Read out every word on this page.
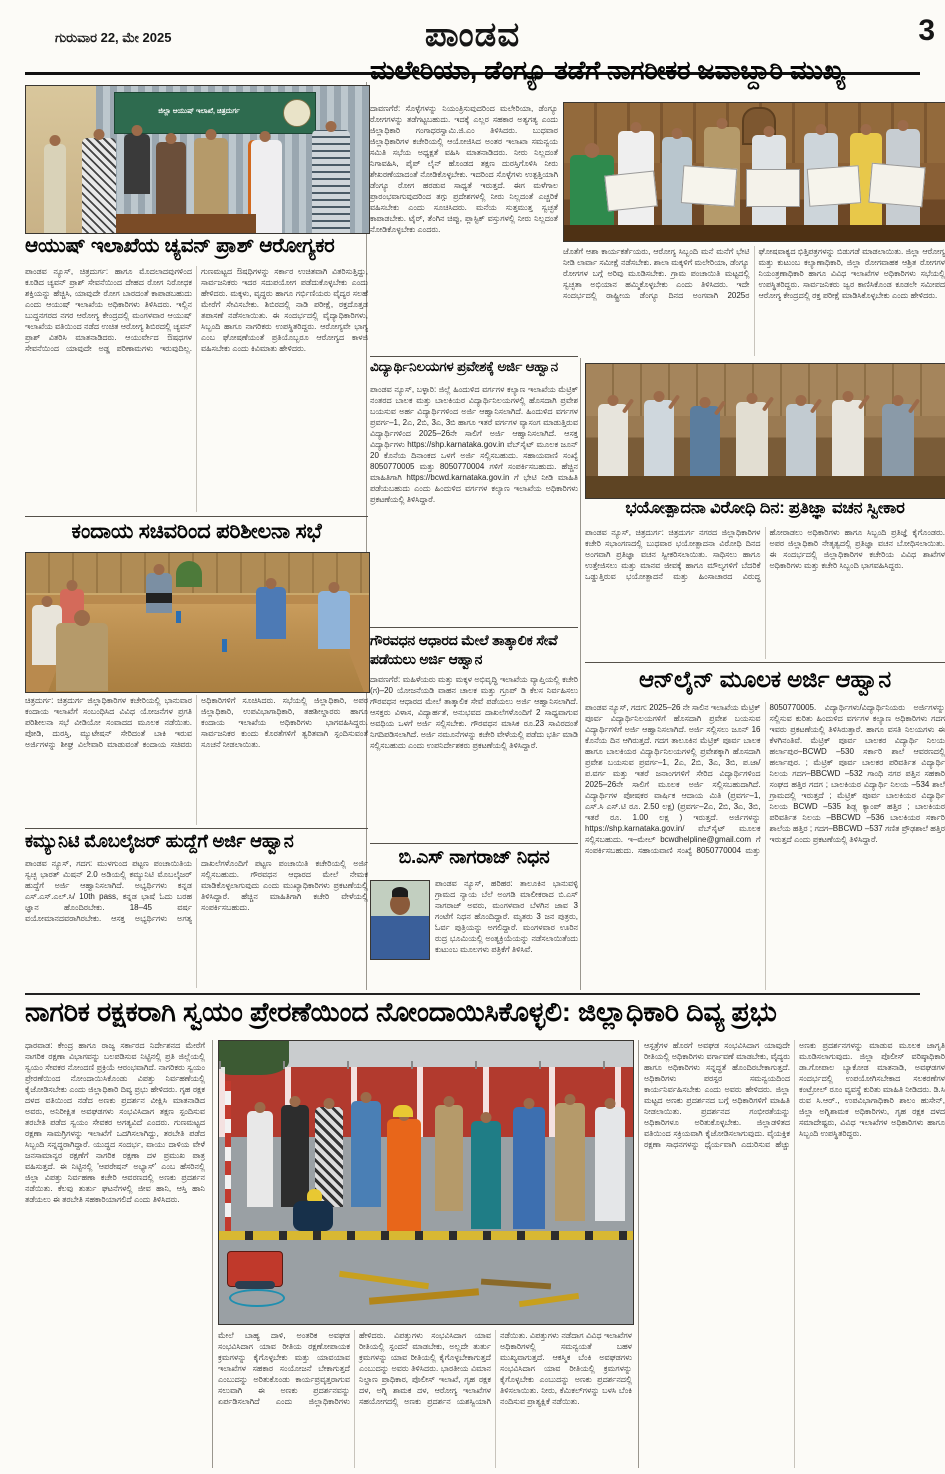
ಗುರುವಾರ 22, ಮೇ 2025	ಪಾಂಡವ	3
ಜಿಲ್ಲಾ ಆಯುಷ್ ಇಲಾಖೆ, ಚಿತ್ರದುರ್ಗ
ಆಯುಷ್ ಇಲಾಖೆಯ ಚ್ಯವನ್ ಪ್ರಾಶ್ ಆರೋಗ್ಯಕರ
ಪಾಂಡವ ನ್ಯೂಸ್, ಚಿತ್ರದುರ್ಗ: ಹಾಗೂ ಮೊದಲಾದವುಗಳಿಂದ ಕೂಡಿದ ಚ್ಯವನ್ ಪ್ರಾಶ್ ಸೇವನೆಯಿಂದ ದೇಹದ ರೋಗ ನಿರೋಧಕ ಶಕ್ತಿಯನ್ನು ಹೆಚ್ಚಿಸಿ, ಯಾವುದೇ ರೋಗ ಬಾರದಂತೆ ಕಾಪಾಡಬಹುದು ಎಂದು ಆಯುಷ್ ಇಲಾಖೆಯ ಅಧಿಕಾರಿಗಳು ತಿಳಿಸಿದರು. ಇಲ್ಲಿನ ಬುದ್ದನಗರದ ನಗರ ಆರೋಗ್ಯ ಕೇಂದ್ರದಲ್ಲಿ ಮಂಗಳವಾರ ಆಯುಷ್ ಇಲಾಖೆಯ ವತಿಯಿಂದ ನಡೆದ ಉಚಿತ ಆರೋಗ್ಯ ಶಿಬಿರದಲ್ಲಿ ಚ್ಯವನ್ ಪ್ರಾಶ್ ವಿತರಿಸಿ ಮಾತನಾಡಿದರು. ಆಯುರ್ವೇದ ಔಷಧಗಳ ಸೇವನೆಯಿಂದ ಯಾವುದೇ ಅಡ್ಡ ಪರಿಣಾಮಗಳು ಇರುವುದಿಲ್ಲ. ಗುಣಮಟ್ಟದ ಔಷಧಿಗಳನ್ನು ಸರ್ಕಾರ ಉಚಿತವಾಗಿ ವಿತರಿಸುತ್ತಿದ್ದು, ಸಾರ್ವಜನಿಕರು ಇದರ ಸದುಪಯೋಗ ಪಡೆದುಕೊಳ್ಳಬೇಕು ಎಂದು ಹೇಳಿದರು. ಮಕ್ಕಳು, ವೃದ್ಧರು ಹಾಗೂ ಗರ್ಭಿಣಿಯರು ವೈದ್ಯರ ಸಲಹೆ ಮೇರೆಗೆ ಸೇವಿಸಬೇಕು. ಶಿಬಿರದಲ್ಲಿ ನಾಡಿ ಪರೀಕ್ಷೆ, ರಕ್ತದೊತ್ತಡ ತಪಾಸಣೆ ನಡೆಸಲಾಯಿತು. ಈ ಸಂದರ್ಭದಲ್ಲಿ ವೈದ್ಯಾಧಿಕಾರಿಗಳು, ಸಿಬ್ಬಂದಿ ಹಾಗೂ ನಾಗರಿಕರು ಉಪಸ್ಥಿತರಿದ್ದರು. ಆರೋಗ್ಯವೇ ಭಾಗ್ಯ ಎಂಬ ಘೋಷಣೆಯಂತೆ ಪ್ರತಿಯೊಬ್ಬರೂ ಆರೋಗ್ಯದ ಕಾಳಜಿ ವಹಿಸಬೇಕು ಎಂದು ಕಿವಿಮಾತು ಹೇಳಿದರು.
ಕಂದಾಯ ಸಚಿವರಿಂದ ಪರಿಶೀಲನಾ ಸಭೆ
ಚಿತ್ರದುರ್ಗ: ಚಿತ್ರದುರ್ಗ ಜಿಲ್ಲಾಧಿಕಾರಿಗಳ ಕಚೇರಿಯಲ್ಲಿ ಭಾನುವಾರ ಕಂದಾಯ ಇಲಾಖೆಗೆ ಸಂಬಂಧಿಸಿದ ವಿವಿಧ ಯೋಜನೆಗಳ ಪ್ರಗತಿ ಪರಿಶೀಲನಾ ಸಭೆ ವೀಡಿಯೋ ಸಂವಾದದ ಮೂಲಕ ನಡೆಯಿತು. ಪೋಡಿ, ದುರಸ್ತಿ, ಮ್ಯುಟೇಷನ್ ಸೇರಿದಂತೆ ಬಾಕಿ ಇರುವ ಅರ್ಜಿಗಳನ್ನು ಶೀಘ್ರ ವಿಲೇವಾರಿ ಮಾಡುವಂತೆ ಕಂದಾಯ ಸಚಿವರು ಅಧಿಕಾರಿಗಳಿಗೆ ಸೂಚಿಸಿದರು. ಸಭೆಯಲ್ಲಿ ಜಿಲ್ಲಾಧಿಕಾರಿ, ಅಪರ ಜಿಲ್ಲಾಧಿಕಾರಿ, ಉಪವಿಭಾಗಾಧಿಕಾರಿ, ತಹಶೀಲ್ದಾರರು ಹಾಗೂ ಕಂದಾಯ ಇಲಾಖೆಯ ಅಧಿಕಾರಿಗಳು ಭಾಗವಹಿಸಿದ್ದರು. ಸಾರ್ವಜನಿಕರ ಕುಂದು ಕೊರತೆಗಳಿಗೆ ತ್ವರಿತವಾಗಿ ಸ್ಪಂದಿಸುವಂತೆ ಸೂಚನೆ ನೀಡಲಾಯಿತು.
ಕಮ್ಯುನಿಟಿ ಮೊಬಲೈಜರ್ ಹುದ್ದೆಗೆ ಅರ್ಜಿ ಆಹ್ವಾನ
ಪಾಂಡವ ನ್ಯೂಸ್, ಗದಗ: ಮುಳಗುಂದ ಪಟ್ಟಣ ಪಂಚಾಯಿತಿಯ ಸ್ವಚ್ಛ ಭಾರತ್ ಮಿಷನ್ 2.0 ಅಡಿಯಲ್ಲಿ ಕಮ್ಯುನಿಟಿ ಮೊಬಲೈಜರ್ ಹುದ್ದೆಗೆ ಅರ್ಜಿ ಆಹ್ವಾನಿಸಲಾಗಿದೆ. ಅಭ್ಯರ್ಥಿಗಳು ಕನ್ನಡ ಎಸ್.ಎಸ್.ಎಲ್.ಸಿ/ 10th pass, ಕನ್ನಡ ಭಾಷೆ ಓದು ಬರಹ ಜ್ಞಾನ ಹೊಂದಿರಬೇಕು. 18–45 ವರ್ಷ ವಯೋಮಾನದವರಾಗಿರಬೇಕು. ಆಸಕ್ತ ಅಭ್ಯರ್ಥಿಗಳು ಅಗತ್ಯ ದಾಖಲೆಗಳೊಂದಿಗೆ ಪಟ್ಟಣ ಪಂಚಾಯಿತಿ ಕಚೇರಿಯಲ್ಲಿ ಅರ್ಜಿ ಸಲ್ಲಿಸಬಹುದು. ಗೌರವಧನ ಆಧಾರದ ಮೇಲೆ ನೇಮಕ ಮಾಡಿಕೊಳ್ಳಲಾಗುವುದು ಎಂದು ಮುಖ್ಯಾಧಿಕಾರಿಗಳು ಪ್ರಕಟಣೆಯಲ್ಲಿ ತಿಳಿಸಿದ್ದಾರೆ. ಹೆಚ್ಚಿನ ಮಾಹಿತಿಗಾಗಿ ಕಚೇರಿ ವೇಳೆಯಲ್ಲಿ ಸಂಪರ್ಕಿಸಬಹುದು.
ಮಲೇರಿಯಾ, ಡೆಂಗ್ಯೂ ತಡೆಗೆ ನಾಗರೀಕರ ಜವಾಬ್ದಾರಿ ಮುಖ್ಯ
ದಾವಣಗೆರೆ: ಸೊಳ್ಳೆಗಳನ್ನು ನಿಯಂತ್ರಿಸುವುದರಿಂದ ಮಲೇರಿಯಾ, ಡೆಂಗ್ಯೂ ರೋಗಗಳನ್ನು ತಡೆಗಟ್ಟಬಹುದು. ಇದಕ್ಕೆ ಎಲ್ಲರ ಸಹಕಾರ ಅತ್ಯಗತ್ಯ ಎಂದು ಜಿಲ್ಲಾಧಿಕಾರಿ ಗಂಗಾಧರಸ್ವಾಮಿ.ಜಿ.ಎಂ ತಿಳಿಸಿದರು. ಬುಧವಾರ ಜಿಲ್ಲಾಧಿಕಾರಿಗಳ ಕಚೇರಿಯಲ್ಲಿ ಆಯೋಜಿಸಿದ ಅಂತರ ಇಲಾಖಾ ಸಮನ್ವಯ ಸಮಿತಿ ಸಭೆಯ ಅಧ್ಯಕ್ಷತೆ ವಹಿಸಿ ಮಾತನಾಡಿದರು. ನೀರು ನಿಲ್ಲದಂತೆ ನಿಗಾವಹಿಸಿ, ಪೈಪ್ ಲೈನ್ ಹೊಂಡದ ತಕ್ಷಣ ದುರಸ್ತಿಗೊಳಿಸಿ ನೀರು ಶೇಖರಣೆಯಾದಂತೆ ನೋಡಿಕೊಳ್ಳಬೇಕು. ಇದರಿಂದ ಸೊಳ್ಳೆಗಳು ಉತ್ಪತ್ತಿಯಾಗಿ ಡೆಂಗ್ಯೂ ರೋಗ ಹರಡುವ ಸಾಧ್ಯತೆ ಇರುತ್ತದೆ. ಈಗ ಮಳೆಗಾಲ ಪ್ರಾರಂಭವಾಗುವುದರಿಂದ ತಗ್ಗು ಪ್ರದೇಶಗಳಲ್ಲಿ ನೀರು ನಿಲ್ಲದಂತೆ ಎಚ್ಚರಿಕೆ ವಹಿಸಬೇಕು ಎಂದು ಸೂಚಿಸಿದರು. ಮನೆಯ ಸುತ್ತಮುತ್ತ ಸ್ವಚ್ಛತೆ ಕಾಪಾಡಬೇಕು. ಟೈರ್, ತೆಂಗಿನ ಚಿಪ್ಪು, ಪ್ಲಾಸ್ಟಿಕ್ ವಸ್ತುಗಳಲ್ಲಿ ನೀರು ನಿಲ್ಲದಂತೆ ನೋಡಿಕೊಳ್ಳಬೇಕು ಎಂದರು.
ಜೊತೆಗೆ ಆಶಾ ಕಾರ್ಯಕರ್ತೆಯರು, ಆರೋಗ್ಯ ಸಿಬ್ಬಂದಿ ಮನೆ ಮನೆಗೆ ಭೇಟಿ ನೀಡಿ ಲಾರ್ವಾ ಸಮೀಕ್ಷೆ ನಡೆಸಬೇಕು. ಶಾಲಾ ಮಕ್ಕಳಿಗೆ ಮಲೇರಿಯಾ, ಡೆಂಗ್ಯೂ ರೋಗಗಳ ಬಗ್ಗೆ ಅರಿವು ಮೂಡಿಸಬೇಕು. ಗ್ರಾಮ ಪಂಚಾಯಿತಿ ಮಟ್ಟದಲ್ಲಿ ಸ್ವಚ್ಛತಾ ಅಭಿಯಾನ ಹಮ್ಮಿಕೊಳ್ಳಬೇಕು ಎಂದು ತಿಳಿಸಿದರು. ಇದೇ ಸಂದರ್ಭದಲ್ಲಿ ರಾಷ್ಟ್ರೀಯ ಡೆಂಗ್ಯೂ ದಿನದ ಅಂಗವಾಗಿ 2025ರ ಘೋಷವಾಕ್ಯದ ಭಿತ್ತಿಪತ್ರಗಳನ್ನು ಬಿಡುಗಡೆ ಮಾಡಲಾಯಿತು. ಜಿಲ್ಲಾ ಆರೋಗ್ಯ ಮತ್ತು ಕುಟುಂಬ ಕಲ್ಯಾಣಾಧಿಕಾರಿ, ಜಿಲ್ಲಾ ರೋಗವಾಹಕ ಆಶ್ರಿತ ರೋಗಗಳ ನಿಯಂತ್ರಣಾಧಿಕಾರಿ ಹಾಗೂ ವಿವಿಧ ಇಲಾಖೆಗಳ ಅಧಿಕಾರಿಗಳು ಸಭೆಯಲ್ಲಿ ಉಪಸ್ಥಿತರಿದ್ದರು. ಸಾರ್ವಜನಿಕರು ಜ್ವರ ಕಾಣಿಸಿಕೊಂಡ ಕೂಡಲೇ ಸಮೀಪದ ಆರೋಗ್ಯ ಕೇಂದ್ರದಲ್ಲಿ ರಕ್ತ ಪರೀಕ್ಷೆ ಮಾಡಿಸಿಕೊಳ್ಳಬೇಕು ಎಂದು ಹೇಳಿದರು.
ವಿದ್ಯಾರ್ಥಿನಿಲಯಗಳ ಪ್ರವೇಶಕ್ಕೆ ಅರ್ಜಿ ಆಹ್ವಾನ
ಪಾಂಡವ ನ್ಯೂಸ್, ಬಳ್ಳಾರಿ: ಜಿಲ್ಲೆ ಹಿಂದುಳಿದ ವರ್ಗಗಳ ಕಲ್ಯಾಣ ಇಲಾಖೆಯ ಮೆಟ್ರಿಕ್ ನಂತರದ ಬಾಲಕ ಮತ್ತು ಬಾಲಕಿಯರ ವಿದ್ಯಾರ್ಥಿನಿಲಯಗಳಲ್ಲಿ ಹೊಸದಾಗಿ ಪ್ರವೇಶ ಬಯಸುವ ಅರ್ಹ ವಿದ್ಯಾರ್ಥಿಗಳಿಂದ ಅರ್ಜಿ ಆಹ್ವಾನಿಸಲಾಗಿದೆ. ಹಿಂದುಳಿದ ವರ್ಗಗಳ ಪ್ರವರ್ಗ–1, 2ಎ, 2ಬಿ, 3ಎ, 3ಬಿ ಹಾಗೂ ಇತರೆ ವರ್ಗಗಳ ವ್ಯಾಸಂಗ ಮಾಡುತ್ತಿರುವ ವಿದ್ಯಾರ್ಥಿಗಳಿಂದ 2025–26ನೇ ಸಾಲಿಗೆ ಅರ್ಜಿ ಆಹ್ವಾನಿಸಲಾಗಿದೆ. ಆಸಕ್ತ ವಿದ್ಯಾರ್ಥಿಗಳು https://shp.karnataka.gov.in ವೆಬ್‌ಸೈಟ್ ಮೂಲಕ ಜೂನ್ 20 ಕೊನೆಯ ದಿನಾಂಕದ ಒಳಗೆ ಅರ್ಜಿ ಸಲ್ಲಿಸಬಹುದು. ಸಹಾಯವಾಣಿ ಸಂಖ್ಯೆ 8050770005 ಮತ್ತು 8050770004 ಗಳಿಗೆ ಸಂಪರ್ಕಿಸಬಹುದು. ಹೆಚ್ಚಿನ ಮಾಹಿತಿಗಾಗಿ https://bcwd.karnataka.gov.in ಗೆ ಭೇಟಿ ನೀಡಿ ಮಾಹಿತಿ ಪಡೆಯಬಹುದು ಎಂದು ಹಿಂದುಳಿದ ವರ್ಗಗಳ ಕಲ್ಯಾಣ ಇಲಾಖೆಯ ಅಧಿಕಾರಿಗಳು ಪ್ರಕಟಣೆಯಲ್ಲಿ ತಿಳಿಸಿದ್ದಾರೆ.
ಗೌರವಧನ ಆಧಾರದ ಮೇಲೆ ತಾತ್ಕಾಲಿಕ ಸೇವೆ ಪಡೆಯಲು ಅರ್ಜಿ ಆಹ್ವಾನ
ದಾವಣಗೆರೆ: ಮಹಿಳೆಯರು ಮತ್ತು ಮಕ್ಕಳ ಅಭಿವೃದ್ಧಿ ಇಲಾಖೆಯ ವ್ಯಾಪ್ತಿಯಲ್ಲಿ ಕಚೇರಿ (ಗ)–20 ಯೋಜನೆಯಡಿ ವಾಹನ ಚಾಲಕ ಮತ್ತು ಗ್ರೂಪ್ ಡಿ ಕೆಲಸ ನಿರ್ವಹಿಸಲು ಗೌರವಧನ ಆಧಾರದ ಮೇಲೆ ತಾತ್ಕಾಲಿಕ ಸೇವೆ ಪಡೆಯಲು ಅರ್ಜಿ ಆಹ್ವಾನಿಸಲಾಗಿದೆ. ಆಸಕ್ತರು ವಿಳಾಸ, ವಿದ್ಯಾರ್ಹತೆ, ಅನುಭವದ ದಾಖಲೆಗಳೊಂದಿಗೆ 2 ಸಾಧ್ಯವಾಗುವ ಅವಧಿಯ ಒಳಗೆ ಅರ್ಜಿ ಸಲ್ಲಿಸಬೇಕು. ಗೌರವಧನ ಮಾಸಿಕ ರೂ.23 ಸಾವಿರದಂತೆ ನಿಗದಿಪಡಿಸಲಾಗಿದೆ. ಅರ್ಜಿ ನಮೂನೆಗಳನ್ನು ಕಚೇರಿ ವೇಳೆಯಲ್ಲಿ ಪಡೆದು ಭರ್ತಿ ಮಾಡಿ ಸಲ್ಲಿಸಬಹುದು ಎಂದು ಉಪನಿರ್ದೇಶಕರು ಪ್ರಕಟಣೆಯಲ್ಲಿ ತಿಳಿಸಿದ್ದಾರೆ.
ಬಿ.ಎಸ್ ನಾಗರಾಜ್ ನಿಧನ
ಪಾಂಡವ ನ್ಯೂಸ್, ಹರಿಹರ: ತಾಲೂಕಿನ ಭಾನುವಳ್ಳಿ ಗ್ರಾಮದ ನ್ಯಾಯ ಬೆಲೆ ಅಂಗಡಿ ಮಾಲೀಕರಾದ ಬಿ.ಎಸ್ ನಾಗರಾಜ್ ಅವರು, ಮಂಗಳವಾರ ಬೆಳಗಿನ ಜಾವ 3 ಗಂಟೆಗೆ ನಿಧನ ಹೊಂದಿದ್ದಾರೆ. ಮೃತರು 3 ಜನ ಪುತ್ರರು, ಓರ್ವ ಪುತ್ರಿಯನ್ನು ಅಗಲಿದ್ದಾರೆ. ಮಂಗಳವಾರ ಊರಿನ ರುದ್ರ ಭೂಮಿಯಲ್ಲಿ ಅಂತ್ಯಕ್ರಿಯೆಯನ್ನು ನಡೆಸಲಾಯಿತೆಂದು ಕುಟುಂಬ ಮೂಲಗಳು ಪತ್ರಿಕೆಗೆ ತಿಳಿಸಿವೆ.
ಭಯೋತ್ಪಾದನಾ ವಿರೋಧಿ ದಿನ: ಪ್ರತಿಜ್ಞಾ ವಚನ ಸ್ವೀಕಾರ
ಪಾಂಡವ ನ್ಯೂಸ್, ಚಿತ್ರದುರ್ಗ: ಚಿತ್ರದುರ್ಗ ನಗರದ ಜಿಲ್ಲಾಧಿಕಾರಿಗಳ ಕಚೇರಿ ಸಭಾಂಗಣದಲ್ಲಿ ಬುಧವಾರ ಭಯೋತ್ಪಾದನಾ ವಿರೋಧಿ ದಿನದ ಅಂಗವಾಗಿ ಪ್ರತಿಜ್ಞಾ ವಚನ ಸ್ವೀಕರಿಸಲಾಯಿತು. ಸಾಧಿಸಲು ಹಾಗೂ ಉತ್ತೇಜಿಸಲು ಮತ್ತು ಮಾನವ ಜೀವಕ್ಕೆ ಹಾಗೂ ಮೌಲ್ಯಗಳಿಗೆ ಬೆದರಿಕೆ ಒಡ್ಡುತ್ತಿರುವ ಭಯೋತ್ಪಾದನೆ ಮತ್ತು ಹಿಂಸಾಚಾರದ ವಿರುದ್ಧ ಹೋರಾಡಲು ಅಧಿಕಾರಿಗಳು ಹಾಗೂ ಸಿಬ್ಬಂದಿ ಪ್ರತಿಜ್ಞೆ ಕೈಗೊಂಡರು. ಅಪರ ಜಿಲ್ಲಾಧಿಕಾರಿ ನೇತೃತ್ವದಲ್ಲಿ ಪ್ರತಿಜ್ಞಾ ವಚನ ಬೋಧಿಸಲಾಯಿತು. ಈ ಸಂದರ್ಭದಲ್ಲಿ ಜಿಲ್ಲಾಧಿಕಾರಿಗಳ ಕಚೇರಿಯ ವಿವಿಧ ಶಾಖೆಗಳ ಅಧಿಕಾರಿಗಳು ಮತ್ತು ಕಚೇರಿ ಸಿಬ್ಬಂದಿ ಭಾಗವಹಿಸಿದ್ದರು.
ಆನ್‌ಲೈನ್ ಮೂಲಕ ಅರ್ಜಿ ಆಹ್ವಾನ
ಪಾಂಡವ ನ್ಯೂಸ್, ಗದಗ: 2025–26 ನೇ ಸಾಲಿನ ಇಲಾಖೆಯ ಮೆಟ್ರಿಕ್ ಪೂರ್ವ ವಿದ್ಯಾರ್ಥಿನಿಲಯಗಳಿಗೆ ಹೊಸದಾಗಿ ಪ್ರವೇಶ ಬಯಸುವ ವಿದ್ಯಾರ್ಥಿಗಳಿಗೆ ಅರ್ಜಿ ಆಹ್ವಾನಿಸಲಾಗಿದೆ. ಅರ್ಜಿ ಸಲ್ಲಿಸಲು ಜೂನ್ 16 ಕೊನೆಯ ದಿನ ಆಗಿರುತ್ತದೆ. ಗದಗ ತಾಲೂಕಿನ ಮೆಟ್ರಿಕ್ ಪೂರ್ವ ಬಾಲಕ ಹಾಗೂ ಬಾಲಕಿಯರ ವಿದ್ಯಾರ್ಥಿನಿಲಯಗಳಲ್ಲಿ ಪ್ರವೇಶಕ್ಕಾಗಿ ಹೊಸದಾಗಿ ಪ್ರವೇಶ ಬಯಸುವ ಪ್ರವರ್ಗ–1, 2ಎ, 2ಬಿ, 3ಎ, 3ಬಿ, ಪ.ಜಾ/ಪ.ವರ್ಗ ಮತ್ತು ಇತರೆ ಜನಾಂಗಗಳಿಗೆ ಸೇರಿದ ವಿದ್ಯಾರ್ಥಿಗಳಿಂದ 2025–26ನೇ ಸಾಲಿಗೆ ಮೂಲಕ ಅರ್ಜಿ ಸಲ್ಲಿಸಬಹುದಾಗಿದೆ. ವಿದ್ಯಾರ್ಥಿಗಳ ಪೋಷಕರ ವಾರ್ಷಿಕ ಆದಾಯ ಮಿತಿ (ಪ್ರವರ್ಗ–1, ಎಸ್.ಸಿ ಎಸ್.ಟಿ ರೂ. 2.50 ಲಕ್ಷ) (ಪ್ರವರ್ಗ–2ಎ, 2ಬಿ, 3ಎ, 3ಬಿ, ಇತರೆ ರೂ. 1.00 ಲಕ್ಷ ) ಇರುತ್ತದೆ. ಅರ್ಜಿಗಳನ್ನು https://shp.karnataka.gov.in/ ವೆಬ್‌ಸೈಟ್ ಮೂಲಕ ಸಲ್ಲಿಸಬಹುದು. ಇ–ಮೇಲ್ bcwdhelpline@gmail.com ಗೆ ಸಂಪರ್ಕಿಸಬಹುದು. ಸಹಾಯವಾಣಿ ಸಂಖ್ಯೆ 8050770004 ಮತ್ತು 8050770005. ವಿದ್ಯಾರ್ಥಿಗಳು/ವಿದ್ಯಾರ್ಥಿನಿಯರು ಅರ್ಜಿಗಳನ್ನು ಸಲ್ಲಿಸುವ ಕುರಿತು ಹಿಂದುಳಿದ ವರ್ಗಗಳ ಕಲ್ಯಾಣ ಅಧಿಕಾರಿಗಳು ಗದಗ ಇವರು ಪ್ರಕಟಣೆಯಲ್ಲಿ ತಿಳಿಸಿರುತ್ತಾರೆ. ಹಾಗೂ ವಸತಿ ನಿಲಯಗಳು ಈ ಕೆಳಗಿನಂತಿವೆ. ಮೆಟ್ರಿಕ್ ಪೂರ್ವ ಬಾಲಕರ ವಿದ್ಯಾರ್ಥಿ ನಿಲಯ ಹರ್ಲಾಪುರ–BCWD –530 ಸರ್ಕಾರಿ ಶಾಲೆ ಆವರಣದಲ್ಲಿ ಹರ್ಲಾಪುರ. ; ಮೆಟ್ರಿಕ್ ಪೂರ್ವ ಬಾಲಕರ ಪರಿವರ್ತಿತ ವಿದ್ಯಾರ್ಥಿ ನಿಲಯ ಗದಗ–BBCWD –532 ಗಾಂಧಿ ನಗರ ಪತ್ತಿನ ಸಹಕಾರಿ ಸಂಘದ ಹತ್ತಿರ ಗದಗ ; ಬಾಲಕಿಯರ ವಿದ್ಯಾರ್ಥಿ ನಿಲಯ –534 ಶಾಲೆ ಗ್ರಾಮದಲ್ಲಿ ಇರುತ್ತದೆ ; ಮೆಟ್ರಿಕ್ ಪೂರ್ವ ಬಾಲಕಿಯರ ವಿದ್ಯಾರ್ಥಿ ನಿಲಯ BCWD –535 ಶಿಡ್ಲ ಕ್ಯಾಂಪ್ ಹತ್ತಿರ ; ಬಾಲಕಿಯರ ಪರಿವರ್ತಿತ ನಿಲಯ –BBCWD –536 ಬಾಲಕಿಯರ ಸರ್ಕಾರಿ ಶಾಲೆಯ ಹತ್ತಿರ ; ಗದಗ–BBCWD –537 ಗಣಿತ ಪ್ರೌಢಶಾಲೆ ಹತ್ತಿರ ಇರುತ್ತದೆ ಎಂದು ಪ್ರಕಟಣೆಯಲ್ಲಿ ತಿಳಿಸಿದ್ದಾರೆ.
ನಾಗರಿಕ ರಕ್ಷಕರಾಗಿ ಸ್ವಯಂ ಪ್ರೇರಣೆಯಿಂದ ನೋಂದಾಯಿಸಿಕೊಳ್ಳಲಿ: ಜಿಲ್ಲಾಧಿಕಾರಿ ದಿವ್ಯ ಪ್ರಭು
ಧಾರವಾಡ: ಕೇಂದ್ರ ಹಾಗೂ ರಾಜ್ಯ ಸರ್ಕಾರದ ನಿರ್ದೇಶನದ ಮೇರೆಗೆ ನಾಗರಿಕ ರಕ್ಷಣಾ ವಿಭಾಗವನ್ನು ಬಲಪಡಿಸುವ ನಿಟ್ಟಿನಲ್ಲಿ ಪ್ರತಿ ಜಿಲ್ಲೆಯಲ್ಲಿ ಸ್ವಯಂ ಸೇವಕರ ನೋಂದಣಿ ಪ್ರಕ್ರಿಯೆ ಆರಂಭವಾಗಿದೆ. ನಾಗರಿಕರು ಸ್ವಯಂ ಪ್ರೇರಣೆಯಿಂದ ನೋಂದಾಯಿಸಿಕೊಂಡು ವಿಪತ್ತು ನಿರ್ವಹಣೆಯಲ್ಲಿ ಕೈಜೋಡಿಸಬೇಕು ಎಂದು ಜಿಲ್ಲಾಧಿಕಾರಿ ದಿವ್ಯ ಪ್ರಭು ಹೇಳಿದರು. ಗೃಹ ರಕ್ಷಕ ದಳದ ವತಿಯಿಂದ ನಡೆದ ಅಣಕು ಪ್ರದರ್ಶನ ವೀಕ್ಷಿಸಿ ಮಾತನಾಡಿದ ಅವರು, ಅನಿರೀಕ್ಷಿತ ಅವಘಡಗಳು ಸಂಭವಿಸಿದಾಗ ತಕ್ಷಣ ಸ್ಪಂದಿಸುವ ತರಬೇತಿ ಪಡೆದ ಸ್ವಯಂ ಸೇವಕರ ಅಗತ್ಯವಿದೆ ಎಂದರು. ಗುಣಮಟ್ಟದ ರಕ್ಷಣಾ ಸಾಮಗ್ರಿಗಳನ್ನು ಇಲಾಖೆಗೆ ಒದಗಿಸಲಾಗಿದ್ದು, ತರಬೇತಿ ಪಡೆದ ಸಿಬ್ಬಂದಿ ಸನ್ನದ್ಧರಾಗಿದ್ದಾರೆ. ಯುದ್ಧದ ಸಂದರ್ಭ, ವಾಯು ದಾಳಿಯ ವೇಳೆ ಜನಸಾಮಾನ್ಯರ ರಕ್ಷಣೆಗೆ ನಾಗರಿಕ ರಕ್ಷಣಾ ದಳ ಪ್ರಮುಖ ಪಾತ್ರ ವಹಿಸುತ್ತದೆ. ಈ ನಿಟ್ಟಿನಲ್ಲಿ 'ಆಪರೇಷನ್ ಅಭ್ಯಾಸ್' ಎಂಬ ಹೆಸರಿನಲ್ಲಿ ಜಿಲ್ಲಾ ವಿಪತ್ತು ನಿರ್ವಹಣಾ ಕಚೇರಿ ಆವರಣದಲ್ಲಿ ಅಣಕು ಪ್ರದರ್ಶನ ನಡೆಯಿತು. ಕೆಲವು ತುರ್ತು ಘಟನೆಗಳಲ್ಲಿ ಜೀವ ಹಾನಿ, ಆಸ್ತಿ ಹಾನಿ ತಡೆಯಲು ಈ ತರಬೇತಿ ಸಹಕಾರಿಯಾಗಲಿದೆ ಎಂದು ತಿಳಿಸಿದರು.
ಮೇಲೆ ಬಾಹ್ಯ ದಾಳಿ, ಅಂತರಿಕ ಅವಘಡ ಸಂಭವಿಸಿದಾಗ ಯಾವ ರೀತಿಯ ರಕ್ಷಣೋಪಾಯಕ ಕ್ರಮಗಳನ್ನು ಕೈಗೊಳ್ಳಬೇಕು ಮತ್ತು ಯಾವಯಾವ ಇಲಾಖೆಗಳ ಸಹಕಾರ ಸಂಯೋಜನೆ ಬೇಕಾಗುತ್ತದೆ ಎಂಬುದನ್ನು ಅರಿತುಕೊಂಡು ಕಾರ್ಯಪ್ರವೃತ್ತರಾಗುವ ಸಲುವಾಗಿ ಈ ಅಣಕು ಪ್ರದರ್ಶನವನ್ನು ಏರ್ಪಡಿಸಲಾಗಿದೆ ಎಂದು ಜಿಲ್ಲಾಧಿಕಾರಿಗಳು ಹೇಳಿದರು. ವಿಪತ್ತುಗಳು ಸಂಭವಿಸಿದಾಗ ಯಾವ ರೀತಿಯಲ್ಲಿ ಸ್ಪಂದನೆ ಮಾಡಬೇಕು, ಅಲ್ಲದೇ ತುರ್ತು ಕ್ರಮಗಳನ್ನು ಯಾವ ರೀತಿಯಲ್ಲಿ ಕೈಗೊಳ್ಳಬೇಕಾಗುತ್ತದೆ ಎಂಬುದನ್ನು ಅವರು ತಿಳಿಸಿದರು. ಭಾರತೀಯ ವಿಮಾನ ನಿಲ್ದಾಣ ಪ್ರಾಧಿಕಾರ, ಪೊಲೀಸ್ ಇಲಾಖೆ, ಗೃಹ ರಕ್ಷಕ ದಳ, ಅಗ್ನಿ ಶಾಮಕ ದಳ, ಆರೋಗ್ಯ ಇಲಾಖೆಗಳ ಸಹಯೋಗದಲ್ಲಿ ಅಣಕು ಪ್ರದರ್ಶನ ಯಶಸ್ವಿಯಾಗಿ ನಡೆಯಿತು. ವಿಪತ್ತುಗಳು ನಡೆದಾಗ ವಿವಿಧ ಇಲಾಖೆಗಳ ಅಧಿಕಾರಿಗಳಲ್ಲಿ ಸಮನ್ವಯತೆ ಬಹಳ ಮುಖ್ಯವಾಗುತ್ತದೆ. ಆಕಸ್ಮಿಕ ಬೆಂಕಿ ಅವಘಡಗಳು ಸಂಭವಿಸಿದಾಗ ಯಾವ ರೀತಿಯಲ್ಲಿ ಕ್ರಮಗಳನ್ನು ಕೈಗೊಳ್ಳಬೇಕು ಎಂಬುದನ್ನು ಅಣಕು ಪ್ರದರ್ಶನದಲ್ಲಿ ತಿಳಿಸಲಾಯಿತು. ನೀರು, ಕೆಮಿಕಲ್‌ಗಳನ್ನು ಬಳಸಿ ಬೆಂಕಿ ನಂದಿಸುವ ಪ್ರಾತ್ಯಕ್ಷಿಕೆ ನಡೆಯಿತು.
ಆಸ್ಪತ್ರೆಗಳ ಹೊರಗೆ ಅವಘಡ ಸಂಭವಿಸಿದಾಗ ಯಾವುದೇ ರೀತಿಯಲ್ಲಿ ಅಧಿಕಾರಿಗಳು ವರ್ಗಾವಣೆ ಮಾಡಬೇಕು, ವೈದ್ಯರು ಹಾಗೂ ಅಧಿಕಾರಿಗಳು ಸನ್ನದ್ಧತೆ ಹೊಂದಿರಬೇಕಾಗುತ್ತದೆ. ಅಧಿಕಾರಿಗಳು ಪರಸ್ಪರ ಸಮನ್ವಯದಿಂದ ಕಾರ್ಯನಿರ್ವಹಿಸಬೇಕು ಎಂದು ಅವರು ಹೇಳಿದರು. ಜಿಲ್ಲಾ ಮಟ್ಟದ ಅಣಕು ಪ್ರದರ್ಶನದ ಬಗ್ಗೆ ಅಧಿಕಾರಿಗಳಿಗೆ ಮಾಹಿತಿ ನೀಡಲಾಯಿತು. ಪ್ರದರ್ಶನದ ಗಂಭೀರತೆಯನ್ನು ಅಧಿಕಾರಿಗಳೂ ಅರಿತುಕೊಳ್ಳಬೇಕು. ಜಿಲ್ಲಾಡಳಿತದ ವತಿಯಿಂದ ಸಕ್ರಿಯವಾಗಿ ಕೈಜೋಡಿಸಲಾಗುವುದು. ವೈಯಕ್ತಿಕ ರಕ್ಷಣಾ ಸಾಧನಗಳನ್ನು ಧೈರ್ಯವಾಗಿ ಎದುರಿಸುವ ಹೆಚ್ಚು ಅಣಕು ಪ್ರದರ್ಶನಗಳನ್ನು ಮಾಡುವ ಮೂಲಕ ಜಾಗೃತಿ ಮೂಡಿಸಲಾಗುವುದು. ಜಿಲ್ಲಾ ಪೊಲೀಸ್ ವರಿಷ್ಠಾಧಿಕಾರಿ ಡಾ.ಗೋಪಾಲ ಬ್ಯಾಕೋಡ ಮಾತನಾಡಿ, ಅವಘಡಗಳ ಸಂದರ್ಭದಲ್ಲಿ ಉಪಯೋಗಿಸಬೇಕಾದ ಸಲಕರಣೆಗಳ ಕಂಟ್ರೋಲ್ ರೂಂ ವ್ಯವಸ್ಥೆ ಕುರಿತು ಮಾಹಿತಿ ನೀಡಿದರು. ಡಿ.ಸಿ ರುವ ಸಿ.ಆರ್., ಉಪವಿಭಾಗಾಧಿಕಾರಿ ಶಾಲಂ ಹುಸೇನ್, ಜಿಲ್ಲಾ ಅಗ್ನಿಶಾಮಕ ಅಧಿಕಾರಿಗಳು, ಗೃಹ ರಕ್ಷಕ ದಳದ ಸಮಾದೇಷ್ಟರು, ವಿವಿಧ ಇಲಾಖೆಗಳ ಅಧಿಕಾರಿಗಳು ಹಾಗೂ ಸಿಬ್ಬಂದಿ ಉಪಸ್ಥಿತರಿದ್ದರು.
